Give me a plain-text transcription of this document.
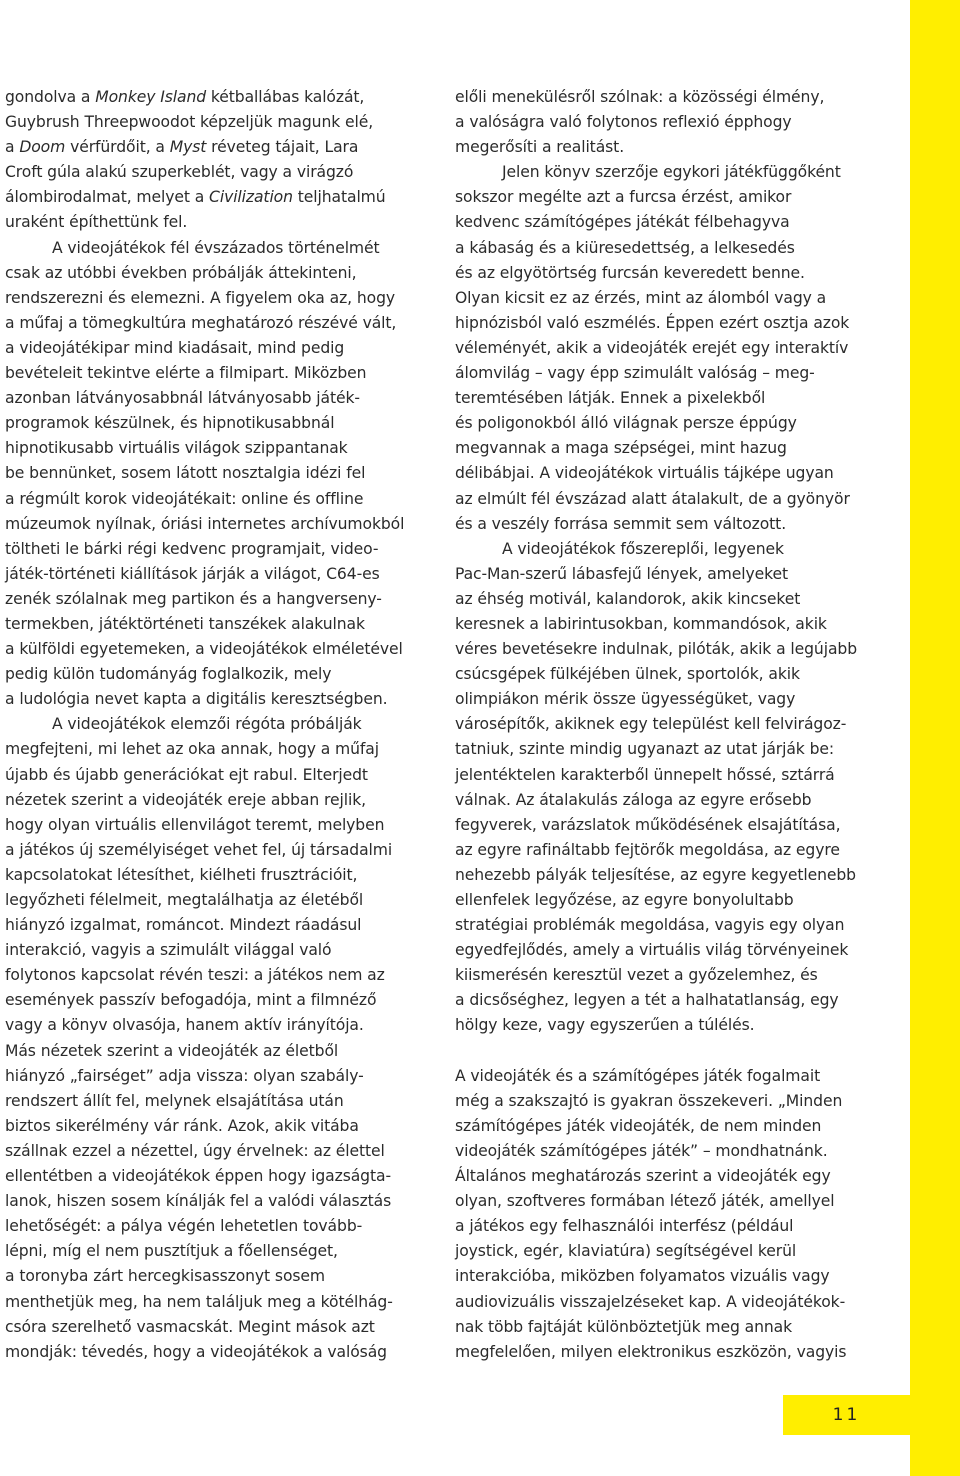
gondolva a Monkey Island kétballábas kalózát,
Guybrush Threepwoodot képzeljük magunk elé,
a Doom vérfürdőit, a Myst réveteg tájait, Lara
Croft gúla alakú szuperkeblét, vagy a virágzó
álombirodalmat, melyet a Civilization teljhatalmú
uraként építhettünk fel.
A videojátékok fél évszázados történelmét
csak az utóbbi években próbálják áttekinteni,
rendszerezni és elemezni. A figyelem oka az, hogy
a műfaj a tömegkultúra meghatározó részévé vált,
a videojátékipar mind kiadásait, mind pedig
bevételeit tekintve elérte a filmipart. Miközben
azonban látványosabbnál látványosabb játék-
programok készülnek, és hipnotikusabbnál
hipnotikusabb virtuális világok szippantanak
be bennünket, sosem látott nosztalgia idézi fel
a régmúlt korok videojátékait: online és offline
múzeumok nyílnak, óriási internetes archívumokból
töltheti le bárki régi kedvenc programjait, video-
játék-történeti kiállítások járják a világot, C64-es
zenék szólalnak meg partikon és a hangverseny-
termekben, játéktörténeti tanszékek alakulnak
a külföldi egyetemeken, a videojátékok elméletével
pedig külön tudományág foglalkozik, mely
a ludológia nevet kapta a digitális keresztségben.
A videojátékok elemzői régóta próbálják
megfejteni, mi lehet az oka annak, hogy a műfaj
újabb és újabb generációkat ejt rabul. Elterjedt
nézetek szerint a videojáték ereje abban rejlik,
hogy olyan virtuális ellenvilágot teremt, melyben
a játékos új személyiséget vehet fel, új társadalmi
kapcsolatokat létesíthet, kiélheti frusztrációit,
legyőzheti félelmeit, megtalálhatja az életéből
hiányzó izgalmat, románcot. Mindezt ráadásul
interakció, vagyis a szimulált világgal való
folytonos kapcsolat révén teszi: a játékos nem az
események passzív befogadója, mint a filmnéző
vagy a könyv olvasója, hanem aktív irányítója.
Más nézetek szerint a videojáték az életből
hiányzó „fairséget” adja vissza: olyan szabály-
rendszert állít fel, melynek elsajátítása után
biztos sikerélmény vár ránk. Azok, akik vitába
szállnak ezzel a nézettel, úgy érvelnek: az élettel
ellentétben a videojátékok éppen hogy igazságta-
lanok, hiszen sosem kínálják fel a valódi választás
lehetőségét: a pálya végén lehetetlen tovább-
lépni, míg el nem pusztítjuk a főellenséget,
a toronyba zárt hercegkisasszonyt sosem
menthetjük meg, ha nem találjuk meg a kötélhág-
csóra szerelhető vasmacskát. Megint mások azt
mondják: tévedés, hogy a videojátékok a valóság
előli menekülésről szólnak: a közösségi élmény,
a valóságra való folytonos reflexió épphogy
megerősíti a realitást.
Jelen könyv szerzője egykori játékfüggőként
sokszor megélte azt a furcsa érzést, amikor
kedvenc számítógépes játékát félbehagyva
a kábaság és a kiüresedettség, a lelkesedés
és az elgyötörtség furcsán keveredett benne.
Olyan kicsit ez az érzés, mint az álomból vagy a
hipnózisból való eszmélés. Éppen ezért osztja azok
véleményét, akik a videojáték erejét egy interaktív
álomvilág – vagy épp szimulált valóság – meg-
teremtésében látják. Ennek a pixelekből
és poligonokból álló világnak persze éppúgy
megvannak a maga szépségei, mint hazug
délibábjai. A videojátékok virtuális tájképe ugyan
az elmúlt fél évszázad alatt átalakult, de a gyönyör
és a veszély forrása semmit sem változott.
A videojátékok főszereplői, legyenek
Pac-Man-szerű lábasfejű lények, amelyeket
az éhség motivál, kalandorok, akik kincseket
keresnek a labirintusokban, kommandósok, akik
véres bevetésekre indulnak, pilóták, akik a legújabb
csúcsgépek fülkéjében ülnek, sportolók, akik
olimpiákon mérik össze ügyességüket, vagy
városépítők, akiknek egy települést kell felvirágoz-
tatniuk, szinte mindig ugyanazt az utat járják be:
jelentéktelen karakterből ünnepelt hőssé, sztárrá
válnak. Az átalakulás záloga az egyre erősebb
fegyverek, varázslatok működésének elsajátítása,
az egyre rafináltabb fejtörők megoldása, az egyre
nehezebb pályák teljesítése, az egyre kegyetlenebb
ellenfelek legyőzése, az egyre bonyolultabb
stratégiai problémák megoldása, vagyis egy olyan
egyedfejlődés, amely a virtuális világ törvényeinek
kiismerésén keresztül vezet a győzelemhez, és
a dicsőséghez, legyen a tét a halhatatlanság, egy
hölgy keze, vagy egyszerűen a túlélés.
A videojáték és a számítógépes játék fogalmait
még a szakszajtó is gyakran összekeveri. „Minden
számítógépes játék videojáték, de nem minden
videojáték számítógépes játék” – mondhatnánk.
Általános meghatározás szerint a videojáték egy
olyan, szoftveres formában létező játék, amellyel
a játékos egy felhasználói interfész (például
joystick, egér, klaviatúra) segítségével kerül
interakcióba, miközben folyamatos vizuális vagy
audiovizuális visszajelzéseket kap. A videojátékok-
nak több fajtáját különböztetjük meg annak
megfelelően, milyen elektronikus eszközön, vagyis
11
